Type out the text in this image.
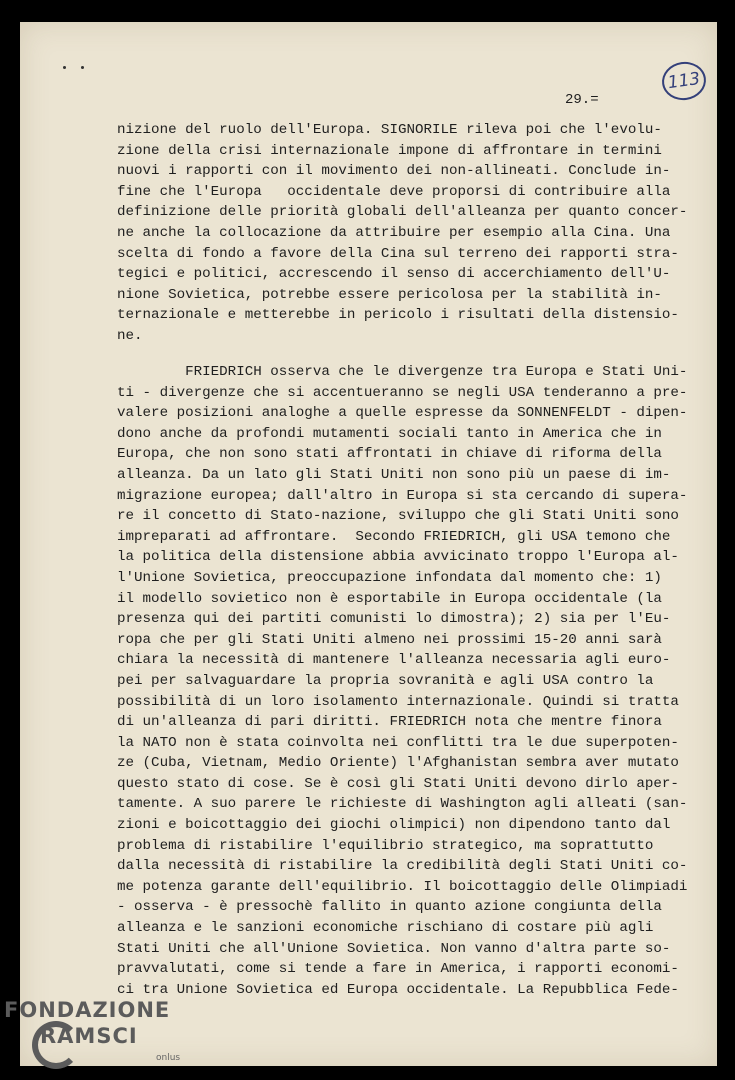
113
29.=
nizione del ruolo dell'Europa. SIGNORILE rileva poi che l'evolu-
zione della crisi internazionale impone di affrontare in termini
nuovi i rapporti con il movimento dei non-allineati. Conclude in-
fine che l'Europa   occidentale deve proporsi di contribuire alla
definizione delle priorità globali dell'alleanza per quanto concer-
ne anche la collocazione da attribuire per esempio alla Cina. Una
scelta di fondo a favore della Cina sul terreno dei rapporti stra-
tegici e politici, accrescendo il senso di accerchiamento dell'U-
nione Sovietica, potrebbe essere pericolosa per la stabilità in-
ternazionale e metterebbe in pericolo i risultati della distensio-
ne.
FRIEDRICH osserva che le divergenze tra Europa e Stati Uni-
ti - divergenze che si accentueranno se negli USA tenderanno a pre-
valere posizioni analoghe a quelle espresse da SONNENFELDT - dipen-
dono anche da profondi mutamenti sociali tanto in America che in
Europa, che non sono stati affrontati in chiave di riforma della
alleanza. Da un lato gli Stati Uniti non sono più un paese di im-
migrazione europea; dall'altro in Europa si sta cercando di supera-
re il concetto di Stato-nazione, sviluppo che gli Stati Uniti sono
impreparati ad affrontare.  Secondo FRIEDRICH, gli USA temono che
la politica della distensione abbia avvicinato troppo l'Europa al-
l'Unione Sovietica, preoccupazione infondata dal momento che: 1)
il modello sovietico non è esportabile in Europa occidentale (la
presenza qui dei partiti comunisti lo dimostra); 2) sia per l'Eu-
ropa che per gli Stati Uniti almeno nei prossimi 15-20 anni sarà
chiara la necessità di mantenere l'alleanza necessaria agli euro-
pei per salvaguardare la propria sovranità e agli USA contro la
possibilità di un loro isolamento internazionale. Quindi si tratta
di un'alleanza di pari diritti. FRIEDRICH nota che mentre finora
la NATO non è stata coinvolta nei conflitti tra le due superpoten-
ze (Cuba, Vietnam, Medio Oriente) l'Afghanistan sembra aver mutato
questo stato di cose. Se è così gli Stati Uniti devono dirlo aper-
tamente. A suo parere le richieste di Washington agli alleati (san-
zioni e boicottaggio dei giochi olimpici) non dipendono tanto dal
problema di ristabilire l'equilibrio strategico, ma soprattutto
dalla necessità di ristabilire la credibilità degli Stati Uniti co-
me potenza garante dell'equilibrio. Il boicottaggio delle Olimpiadi
- osserva - è pressochè fallito in quanto azione congiunta della
alleanza e le sanzioni economiche rischiano di costare più agli
Stati Uniti che all'Unione Sovietica. Non vanno d'altra parte so-
pravvalutati, come si tende a fare in America, i rapporti economi-
ci tra Unione Sovietica ed Europa occidentale. La Repubblica Fede-
FONDAZIONE
RAMSCI
onlus
